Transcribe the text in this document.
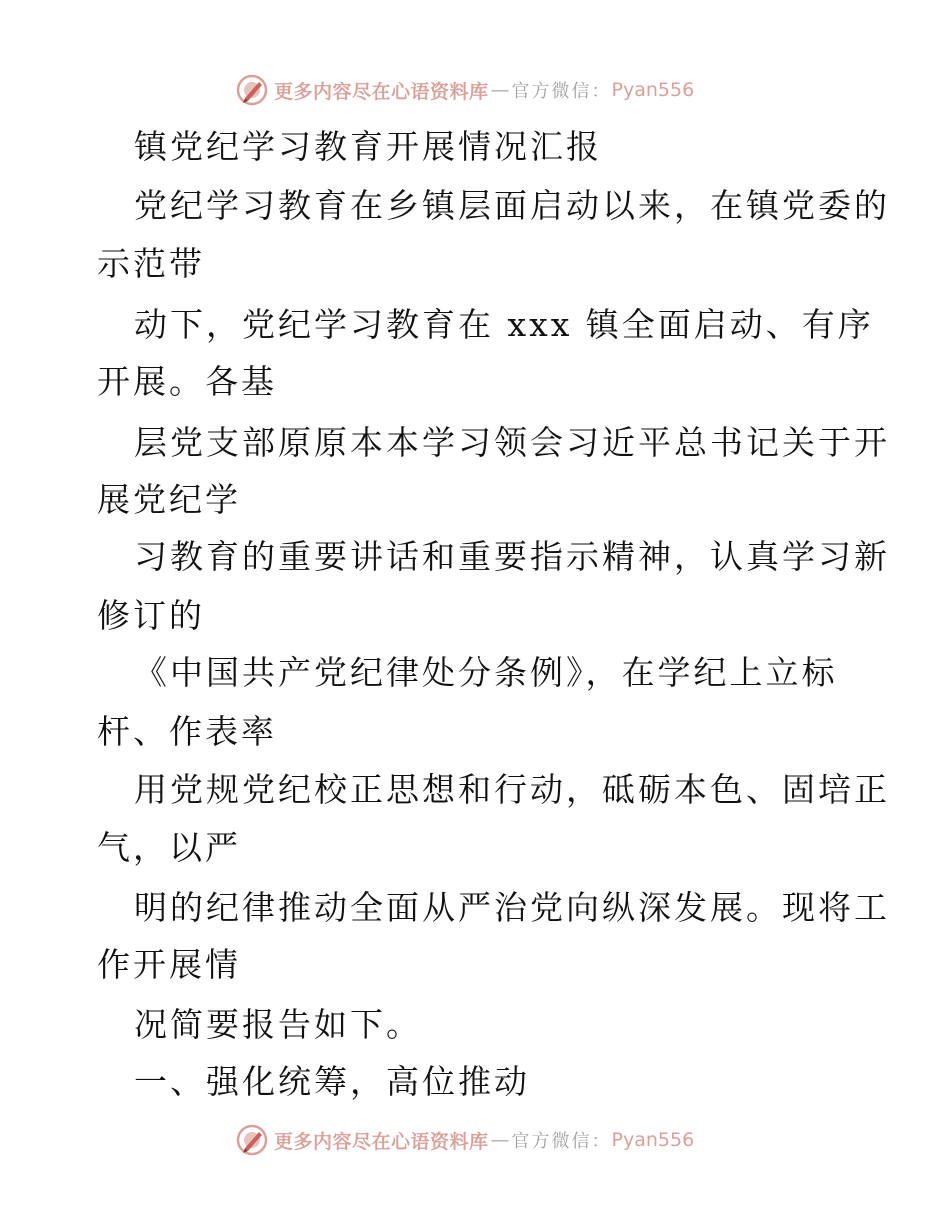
更多内容尽在心语资料库 — 官方微信： Pyan556
镇党纪学习教育开展情况汇报
党纪学习教育在乡镇层面启动以来，在镇党委的
示范带
动下，党纪学习教育在 xxx 镇全面启动、有序
开展。各基
层党支部原原本本学习领会习近平总书记关于开
展党纪学
习教育的重要讲话和重要指示精神，认真学习新
修订的
《中国共产党纪律处分条例》，在学纪上立标
杆、作表率
用党规党纪校正思想和行动，砥砺本色、固培正
气，以严
明的纪律推动全面从严治党向纵深发展。现将工
作开展情
况简要报告如下。
一、强化统筹，高位推动
更多内容尽在心语资料库 — 官方微信： Pyan556
